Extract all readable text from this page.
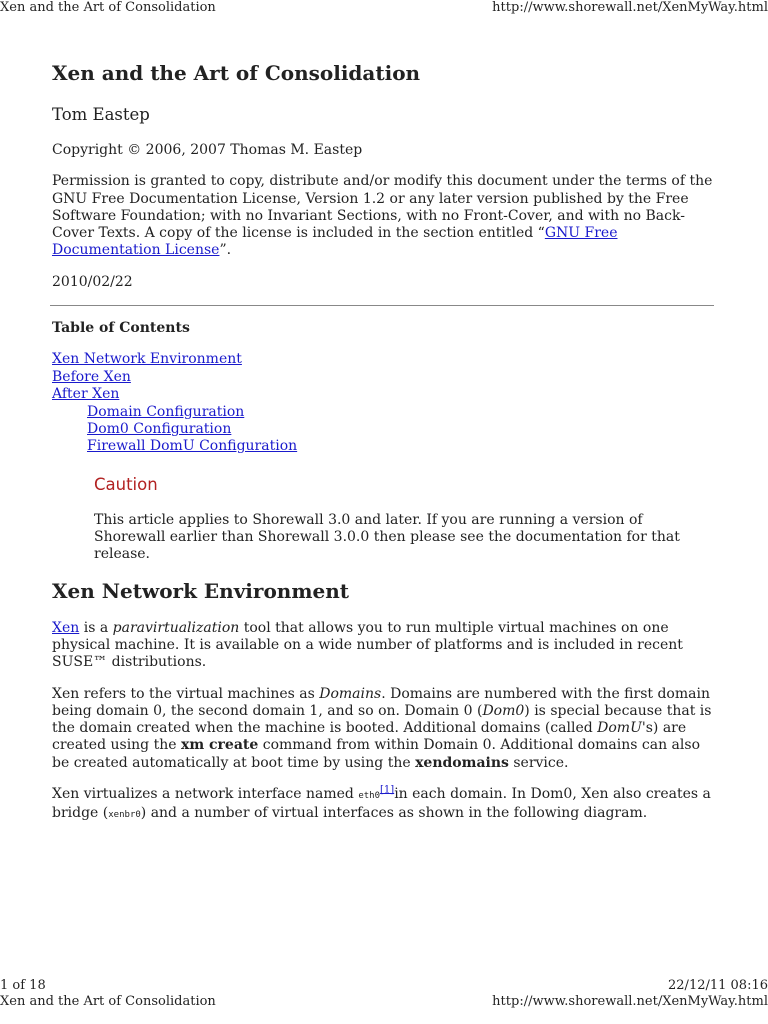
Xen and the Art of Consolidation	http://www.shorewall.net/XenMyWay.html
Xen and the Art of Consolidation
Tom Eastep

Copyright © 2006, 2007 Thomas M. Eastep

Permission is granted to copy, distribute and/or modify this document under the terms of the GNU Free Documentation License, Version 1.2 or any later version published by the Free Software Foundation; with no Invariant Sections, with no Front-Cover, and with no Back-Cover Texts. A copy of the license is included in the section entitled “GNU Free Documentation License”.

2010/02/22

Table of Contents

Xen Network Environment
Before Xen
After Xen
Domain Configuration
Dom0 Configuration
Firewall DomU Configuration
Caution

This article applies to Shorewall 3.0 and later. If you are running a version of Shorewall earlier than Shorewall 3.0.0 then please see the documentation for that release.

Xen Network Environment

Xen is a paravirtualization tool that allows you to run multiple virtual machines on one physical machine. It is available on a wide number of platforms and is included in recent SUSE™ distributions.

Xen refers to the virtual machines as Domains. Domains are numbered with the first domain being domain 0, the second domain 1, and so on. Domain 0 (Dom0) is special because that is the domain created when the machine is booted. Additional domains (called DomU's) are created using the xm create command from within Domain 0. Additional domains can also be created automatically at boot time by using the xendomains service.

Xen virtualizes a network interface named eth0[1]in each domain. In Dom0, Xen also creates a bridge (xenbr0) and a number of virtual interfaces as shown in the following diagram.

1 of 18	22/12/11 08:16
Xen and the Art of Consolidation	http://www.shorewall.net/XenMyWay.html
